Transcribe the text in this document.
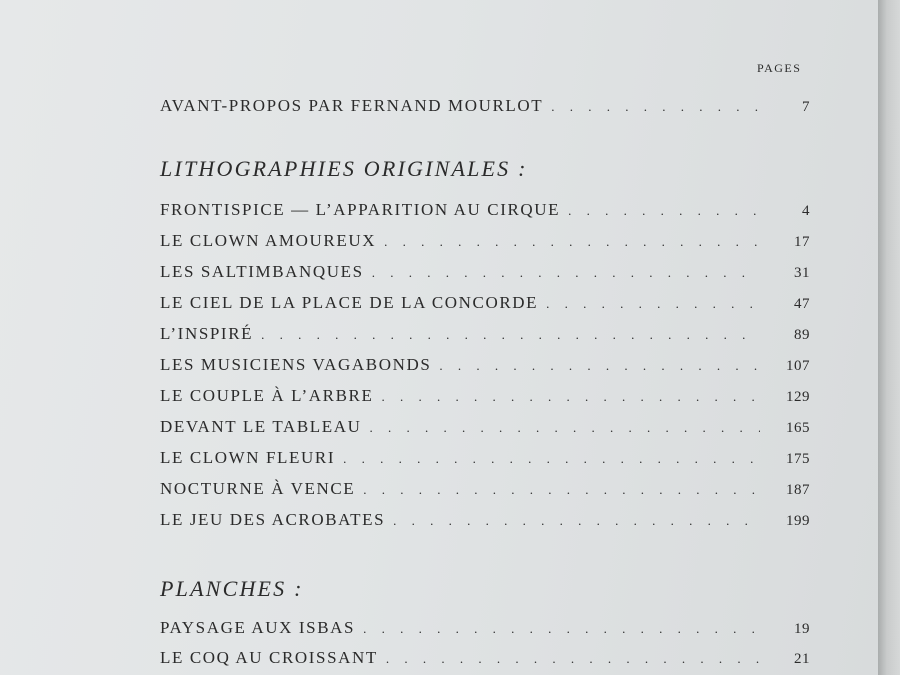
PAGES
AVANT-PROPOS PAR FERNAND MOURLOT . . .	7
LITHOGRAPHIES ORIGINALES :
FRONTISPICE — L’APPARITION AU CIRQUE . . .	4
LE CLOWN AMOUREUX . . .	17
LES SALTIMBANQUES . . .	31
LE CIEL DE LA PLACE DE LA CONCORDE . . .	47
L’INSPIRÉ . . .	89
LES MUSICIENS VAGABONDS . . .	107
LE COUPLE À L’ARBRE . . .	129
DEVANT LE TABLEAU . . .	165
LE CLOWN FLEURI . . .	175
NOCTURNE À VENCE . . .	187
LE JEU DES ACROBATES . . .	199
PLANCHES :
PAYSAGE AUX ISBAS . . .	19
LE COQ AU CROISSANT . . .	21
